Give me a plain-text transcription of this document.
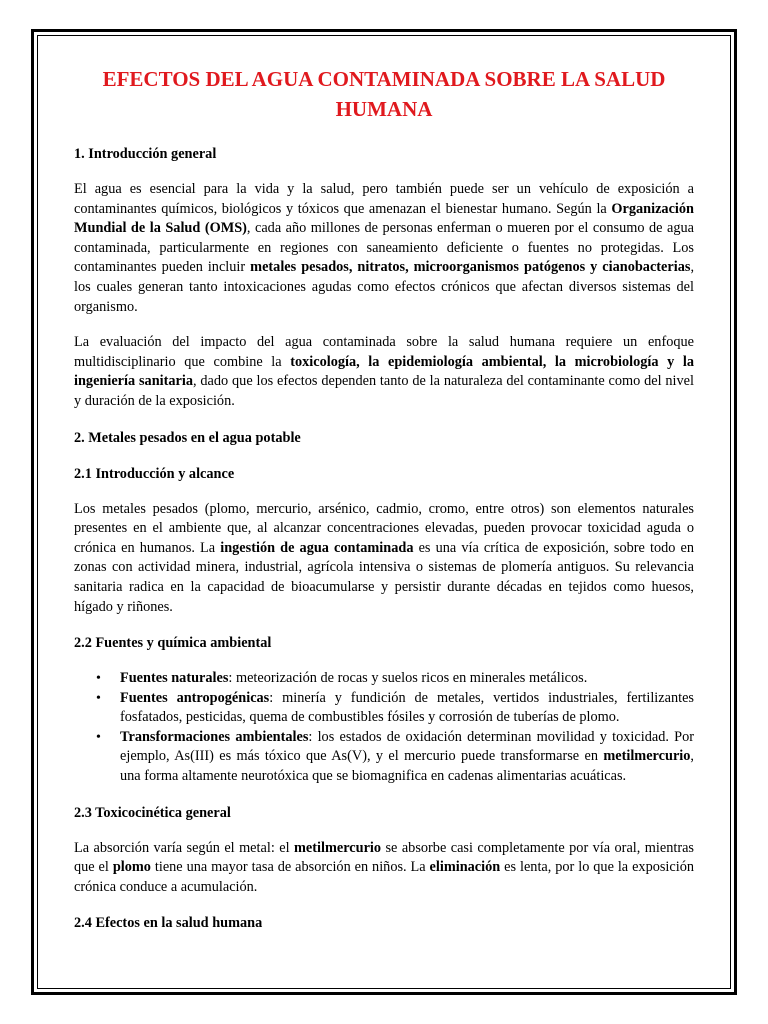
EFECTOS DEL AGUA CONTAMINADA SOBRE LA SALUD HUMANA
1. Introducción general

El agua es esencial para la vida y la salud, pero también puede ser un vehículo de exposición a contaminantes químicos, biológicos y tóxicos que amenazan el bienestar humano. Según la Organización Mundial de la Salud (OMS), cada año millones de personas enferman o mueren por el consumo de agua contaminada, particularmente en regiones con saneamiento deficiente o fuentes no protegidas. Los contaminantes pueden incluir metales pesados, nitratos, microorganismos patógenos y cianobacterias, los cuales generan tanto intoxicaciones agudas como efectos crónicos que afectan diversos sistemas del organismo.

La evaluación del impacto del agua contaminada sobre la salud humana requiere un enfoque multidisciplinario que combine la toxicología, la epidemiología ambiental, la microbiología y la ingeniería sanitaria, dado que los efectos dependen tanto de la naturaleza del contaminante como del nivel y duración de la exposición.

2. Metales pesados en el agua potable
2.1 Introducción y alcance

Los metales pesados (plomo, mercurio, arsénico, cadmio, cromo, entre otros) son elementos naturales presentes en el ambiente que, al alcanzar concentraciones elevadas, pueden provocar toxicidad aguda o crónica en humanos. La ingestión de agua contaminada es una vía crítica de exposición, sobre todo en zonas con actividad minera, industrial, agrícola intensiva o sistemas de plomería antiguos. Su relevancia sanitaria radica en la capacidad de bioacumularse y persistir durante décadas en tejidos como huesos, hígado y riñones.

2.2 Fuentes y química ambiental
• Fuentes naturales: meteorización de rocas y suelos ricos en minerales metálicos.
• Fuentes antropogénicas: minería y fundición de metales, vertidos industriales, fertilizantes fosfatados, pesticidas, quema de combustibles fósiles y corrosión de tuberías de plomo.
• Transformaciones ambientales: los estados de oxidación determinan movilidad y toxicidad. Por ejemplo, As(III) es más tóxico que As(V), y el mercurio puede transformarse en metilmercurio, una forma altamente neurotóxica que se biomagnifica en cadenas alimentarias acuáticas.
2.3 Toxicocinética general

La absorción varía según el metal: el metilmercurio se absorbe casi completamente por vía oral, mientras que el plomo tiene una mayor tasa de absorción en niños. La eliminación es lenta, por lo que la exposición crónica conduce a acumulación.

2.4 Efectos en la salud humana
